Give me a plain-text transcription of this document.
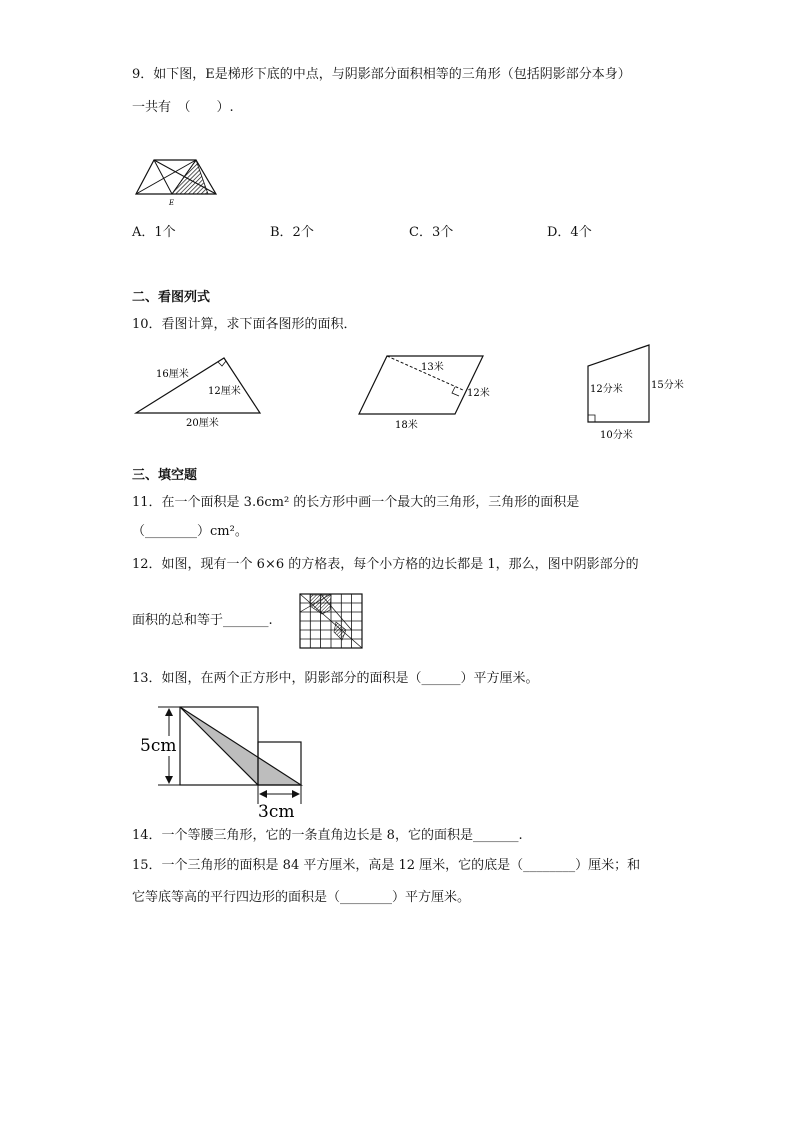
9．如下图，E是梯形下底的中点，与阴影部分面积相等的三角形（包括阴影部分本身）
一共有　（　　）.
E
A．1个	B．2个	C．3个	D．4个
二、看图列式
10．看图计算，求下面各图形的面积．
16厘米
12厘米
20厘米
13米
12米
18米
12分米	15分米
10分米
三、填空题
11．在一个面积是 3.6cm² 的长方形中画一个最大的三角形，三角形的面积是
（________）cm²。
12．如图，现有一个 6×6 的方格表，每个小方格的边长都是 1，那么，图中阴影部分的
面积的总和等于_______.
13．如图，在两个正方形中，阴影部分的面积是（______）平方厘米。
5cm
3cm
14．一个等腰三角形，它的一条直角边长是 8，它的面积是_______.
15．一个三角形的面积是 84 平方厘米，高是 12 厘米，它的底是（________）厘米；和
它等底等高的平行四边形的面积是（________）平方厘米。
